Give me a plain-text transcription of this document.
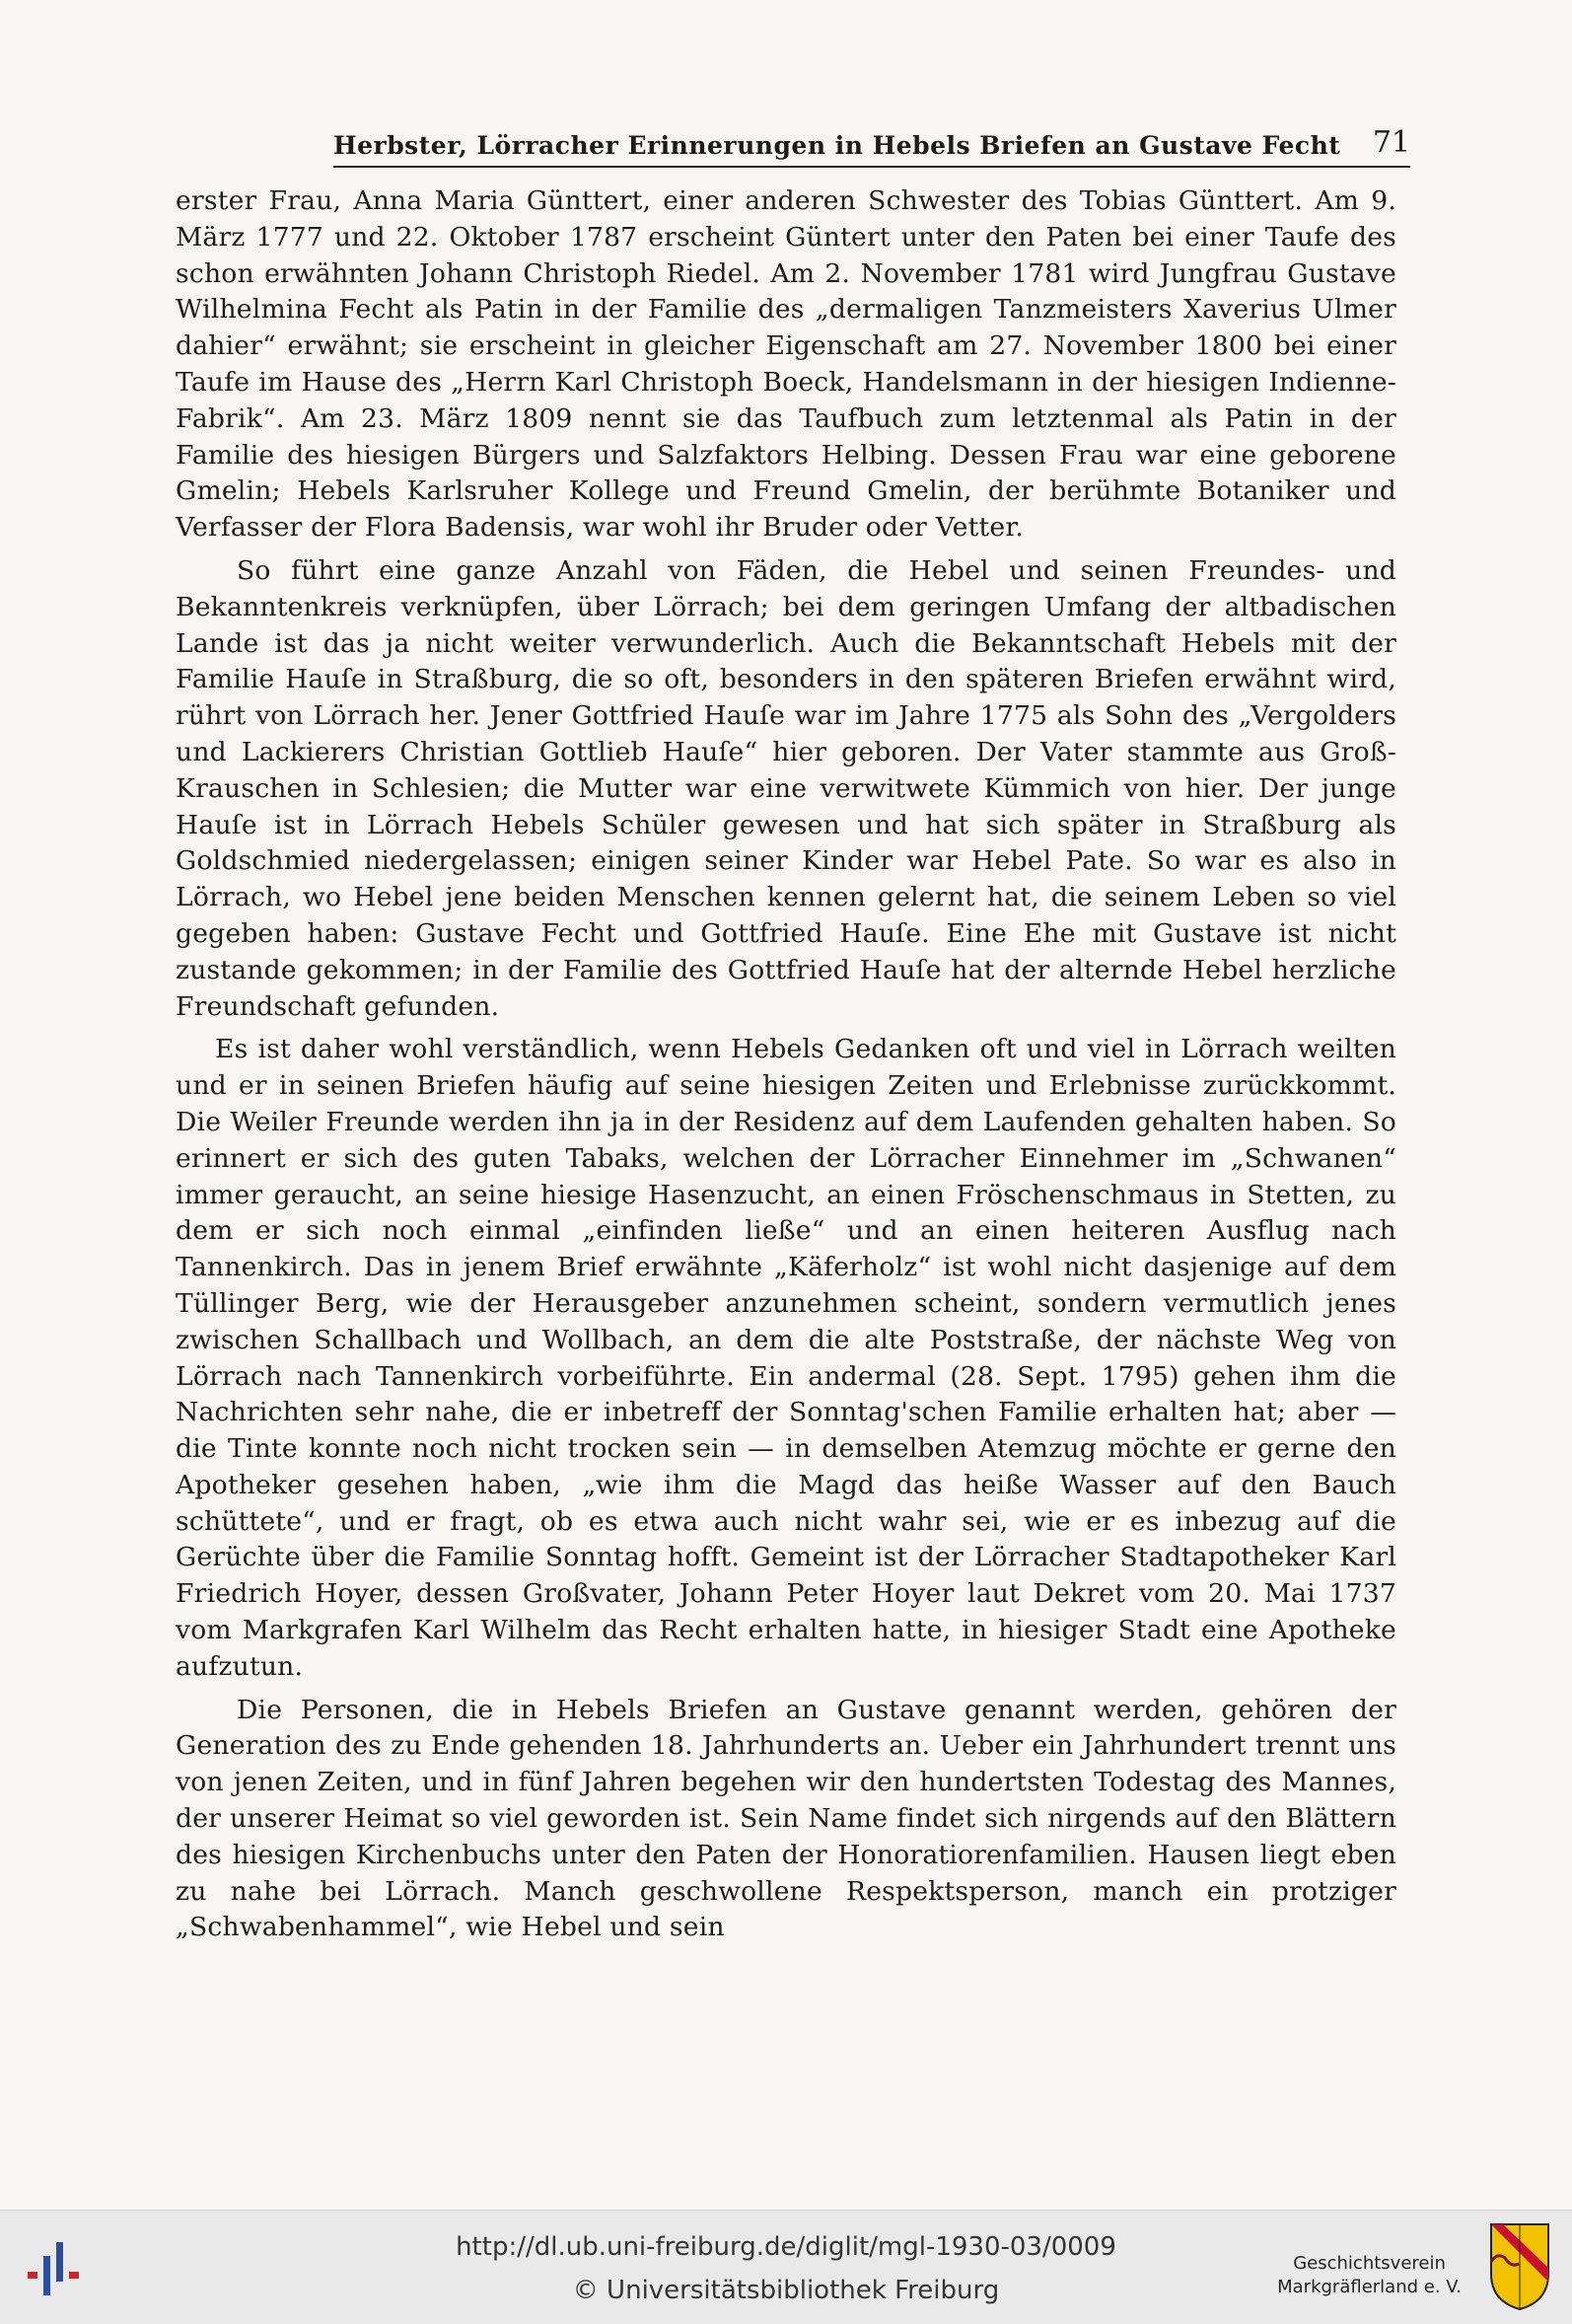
Herbster, Lörracher Erinnerungen in Hebels Briefen an Gustave Fecht 71

erster Frau, Anna Maria Günttert, einer anderen Schwester des Tobias Günttert. Am 9. März 1777 und 22. Oktober 1787 erscheint Güntert unter den Paten bei einer Taufe des schon erwähnten Johann Christoph Riedel. Am 2. November 1781 wird Jungfrau Gustave Wilhelmina Fecht als Patin in der Familie des „dermaligen Tanzmeisters Xaverius Ulmer dahier“ erwähnt; sie erscheint in gleicher Eigenschaft am 27. November 1800 bei einer Taufe im Hause des „Herrn Karl Christoph Boeck, Handelsmann in der hiesigen Indienne-Fabrik“. Am 23. März 1809 nennt sie das Taufbuch zum letztenmal als Patin in der Familie des hiesigen Bürgers und Salzfaktors Helbing. Dessen Frau war eine geborene Gmelin; Hebels Karlsruher Kollege und Freund Gmelin, der berühmte Botaniker und Verfasser der Flora Badensis, war wohl ihr Bruder oder Vetter.

So führt eine ganze Anzahl von Fäden, die Hebel und seinen Freundes- und Bekanntenkreis verknüpfen, über Lörrach; bei dem geringen Umfang der altbadischen Lande ist das ja nicht weiter verwunderlich. Auch die Bekanntschaft Hebels mit der Familie Hauſe in Straßburg, die so oft, besonders in den späteren Briefen erwähnt wird, rührt von Lörrach her. Jener Gottfried Hauſe war im Jahre 1775 als Sohn des „Vergolders und Lackierers Christian Gottlieb Hauſe“ hier geboren. Der Vater stammte aus Groß-Krauschen in Schlesien; die Mutter war eine verwitwete Kümmich von hier. Der junge Hauſe ist in Lörrach Hebels Schüler gewesen und hat sich später in Straßburg als Goldschmied niedergelassen; einigen seiner Kinder war Hebel Pate. So war es also in Lörrach, wo Hebel jene beiden Menschen kennen gelernt hat, die seinem Leben so viel gegeben haben: Gustave Fecht und Gottfried Hauſe. Eine Ehe mit Gustave ist nicht zustande gekommen; in der Familie des Gottfried Hauſe hat der alternde Hebel herzliche Freundschaft gefunden.

Es ist daher wohl verständlich, wenn Hebels Gedanken oft und viel in Lörrach weilten und er in seinen Briefen häufig auf seine hiesigen Zeiten und Erlebnisse zurückkommt. Die Weiler Freunde werden ihn ja in der Residenz auf dem Laufenden gehalten haben. So erinnert er sich des guten Tabaks, welchen der Lörracher Einnehmer im „Schwanen“ immer geraucht, an seine hiesige Hasenzucht, an einen Fröschenschmaus in Stetten, zu dem er sich noch einmal „einfinden ließe“ und an einen heiteren Ausflug nach Tannenkirch. Das in jenem Brief erwähnte „Käferholz“ ist wohl nicht dasjenige auf dem Tüllinger Berg, wie der Herausgeber anzunehmen scheint, sondern vermutlich jenes zwischen Schallbach und Wollbach, an dem die alte Poststraße, der nächste Weg von Lörrach nach Tannenkirch vorbeiführte. Ein andermal (28. Sept. 1795) gehen ihm die Nachrichten sehr nahe, die er inbetreff der Sonntag'schen Familie erhalten hat; aber — die Tinte konnte noch nicht trocken sein — in demselben Atemzug möchte er gerne den Apotheker gesehen haben, „wie ihm die Magd das heiße Wasser auf den Bauch schüttete“, und er fragt, ob es etwa auch nicht wahr sei, wie er es inbezug auf die Gerüchte über die Familie Sonntag hofft. Gemeint ist der Lörracher Stadtapotheker Karl Friedrich Hoyer, dessen Großvater, Johann Peter Hoyer laut Dekret vom 20. Mai 1737 vom Markgrafen Karl Wilhelm das Recht erhalten hatte, in hiesiger Stadt eine Apotheke aufzutun.

Die Personen, die in Hebels Briefen an Gustave genannt werden, gehören der Generation des zu Ende gehenden 18. Jahrhunderts an. Ueber ein Jahrhundert trennt uns von jenen Zeiten, und in fünf Jahren begehen wir den hundertsten Todestag des Mannes, der unserer Heimat so viel geworden ist. Sein Name findet sich nirgends auf den Blättern des hiesigen Kirchenbuchs unter den Paten der Honoratiorenfamilien. Hausen liegt eben zu nahe bei Lörrach. Manch geschwollene Respektsperson, manch ein protziger „Schwabenhammel“, wie Hebel und sein

http://dl.ub.uni-freiburg.de/diglit/mgl-1930-03/0009
© Universitätsbibliothek Freiburg
Geschichtsverein
Markgräflerland e. V.
